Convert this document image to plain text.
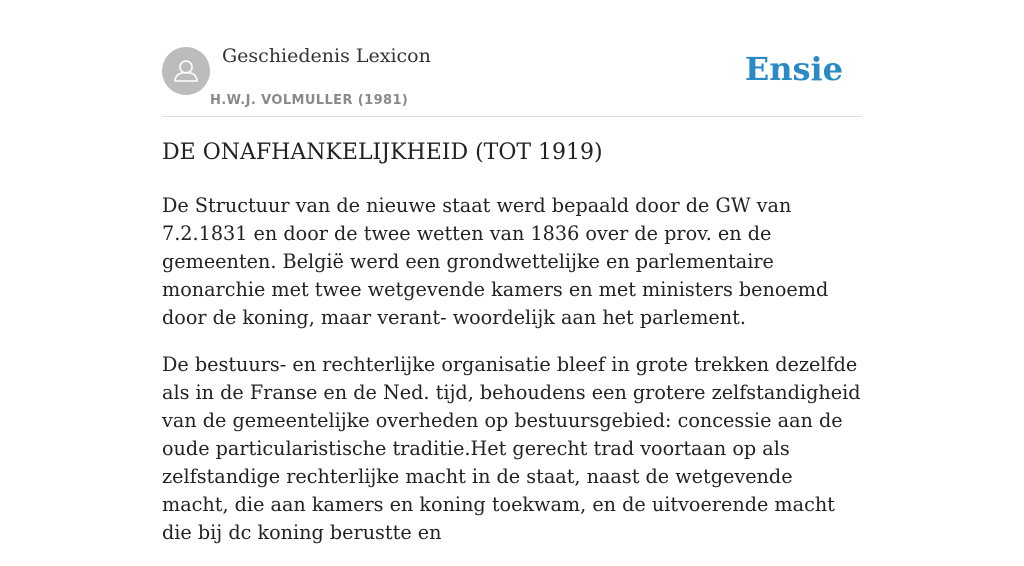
Geschiedenis Lexicon
H.W.J. VOLMULLER (1981)
Ensie
DE ONAFHANKELIJKHEID (TOT 1919)

De Structuur van de nieuwe staat werd bepaald door de GW van 7.2.1831 en door de twee wetten van 1836 over de prov. en de gemeenten. België werd een grondwettelijke en parlementaire monarchie met twee wetgevende kamers en met ministers benoemd door de koning, maar verant- woordelijk aan het parlement.

De bestuurs- en rechterlijke organisatie bleef in grote trekken dezelfde als in de Franse en de Ned. tijd, behoudens een grotere zelfstandigheid van de gemeentelijke overheden op bestuursgebied: concessie aan de oude particularistische traditie.Het gerecht trad voortaan op als zelfstandige rechterlijke macht in de staat, naast de wetgevende macht, die aan kamers en koning toekwam, en de uitvoerende macht die bij dc koning berustte en
